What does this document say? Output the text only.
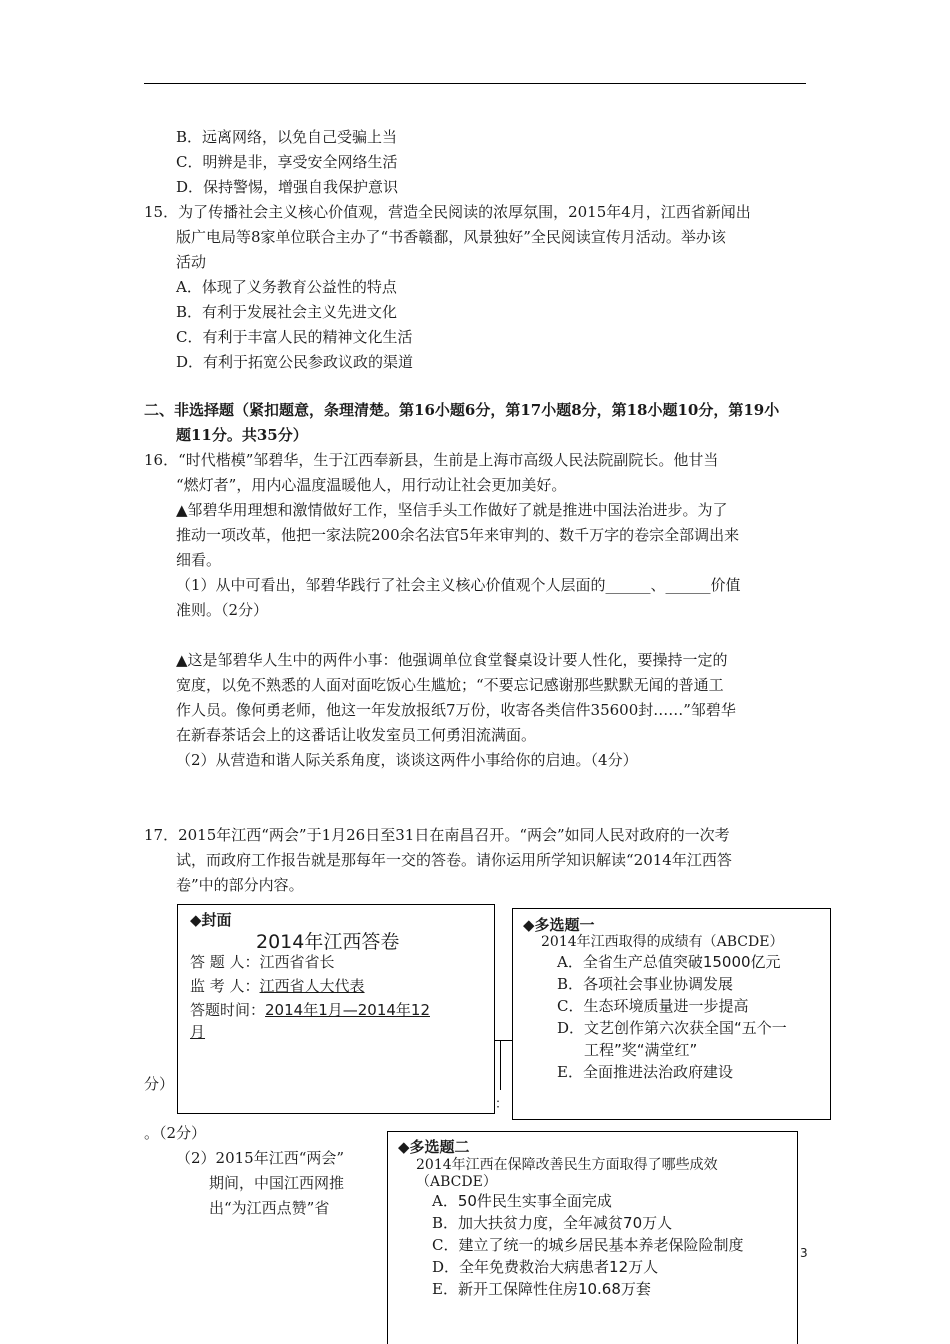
B．远离网络，以免自己受骗上当
C．明辨是非，享受安全网络生活
D．保持警惕，增强自我保护意识
15．为了传播社会主义核心价值观，营造全民阅读的浓厚氛围，2015年4月，江西省新闻出
版广电局等8家单位联合主办了“书香赣鄱，风景独好”全民阅读宣传月活动。举办该
活动
A．体现了义务教育公益性的特点
B．有利于发展社会主义先进文化
C．有利于丰富人民的精神文化生活
D．有利于拓宽公民参政议政的渠道
二、非选择题（紧扣题意，条理清楚。第16小题6分，第17小题8分，第18小题10分，第19小
题11分。共35分）
16．“时代楷模”邹碧华，生于江西奉新县，生前是上海市高级人民法院副院长。他甘当
“燃灯者”，用内心温度温暖他人，用行动让社会更加美好。
▲邹碧华用理想和激情做好工作，坚信手头工作做好了就是推进中国法治进步。为了
推动一项改革，他把一家法院200余名法官5年来审判的、数千万字的卷宗全部调出来
细看。
（1）从中可看出，邹碧华践行了社会主义核心价值观个人层面的______、______价值
准则。（2分）
▲这是邹碧华人生中的两件小事：他强调单位食堂餐桌设计要人性化，要操持一定的
宽度，以免不熟悉的人面对面吃饭心生尴尬；“不要忘记感谢那些默默无闻的普通工
作人员。像何勇老师，他这一年发放报纸7万份，收寄各类信件35600封……”邹碧华
在新春茶话会上的这番话让收发室员工何勇泪流满面。
（2）从营造和谐人际关系角度，谈谈这两件小事给你的启迪。（4分）
17．2015年江西“两会”于1月26日至31日在南昌召开。“两会”如同人民对政府的一次考
试，而政府工作报告就是那每年一交的答卷。请你运用所学知识解读“2014年江西答
卷”中的部分内容。
◆封面
2014年江西答卷
答 题 人：江西省省长
监 考 人：江西省人大代表
答题时间：2014年1月—2014年12
月
◆多选题一
2014年江西取得的成绩有（ABCDE）
A．全省生产总值突破15000亿元
B．各项社会事业协调发展
C．生态环境质量进一步提高
D．文艺创作第六次获全国“五个一
工程”奖“满堂红”
E．全面推进法治政府建设
分）
：
。（2分）
（2）2015年江西“两会”
期间，中国江西网推
出“为江西点赞”省
◆多选题二
2014年江西在保障改善民生方面取得了哪些成效
（ABCDE）
A．50件民生实事全面完成
B．加大扶贫力度，全年减贫70万人
C．建立了统一的城乡居民基本养老保险险制度
D．全年免费救治大病患者12万人
E．新开工保障性住房10.68万套
3
